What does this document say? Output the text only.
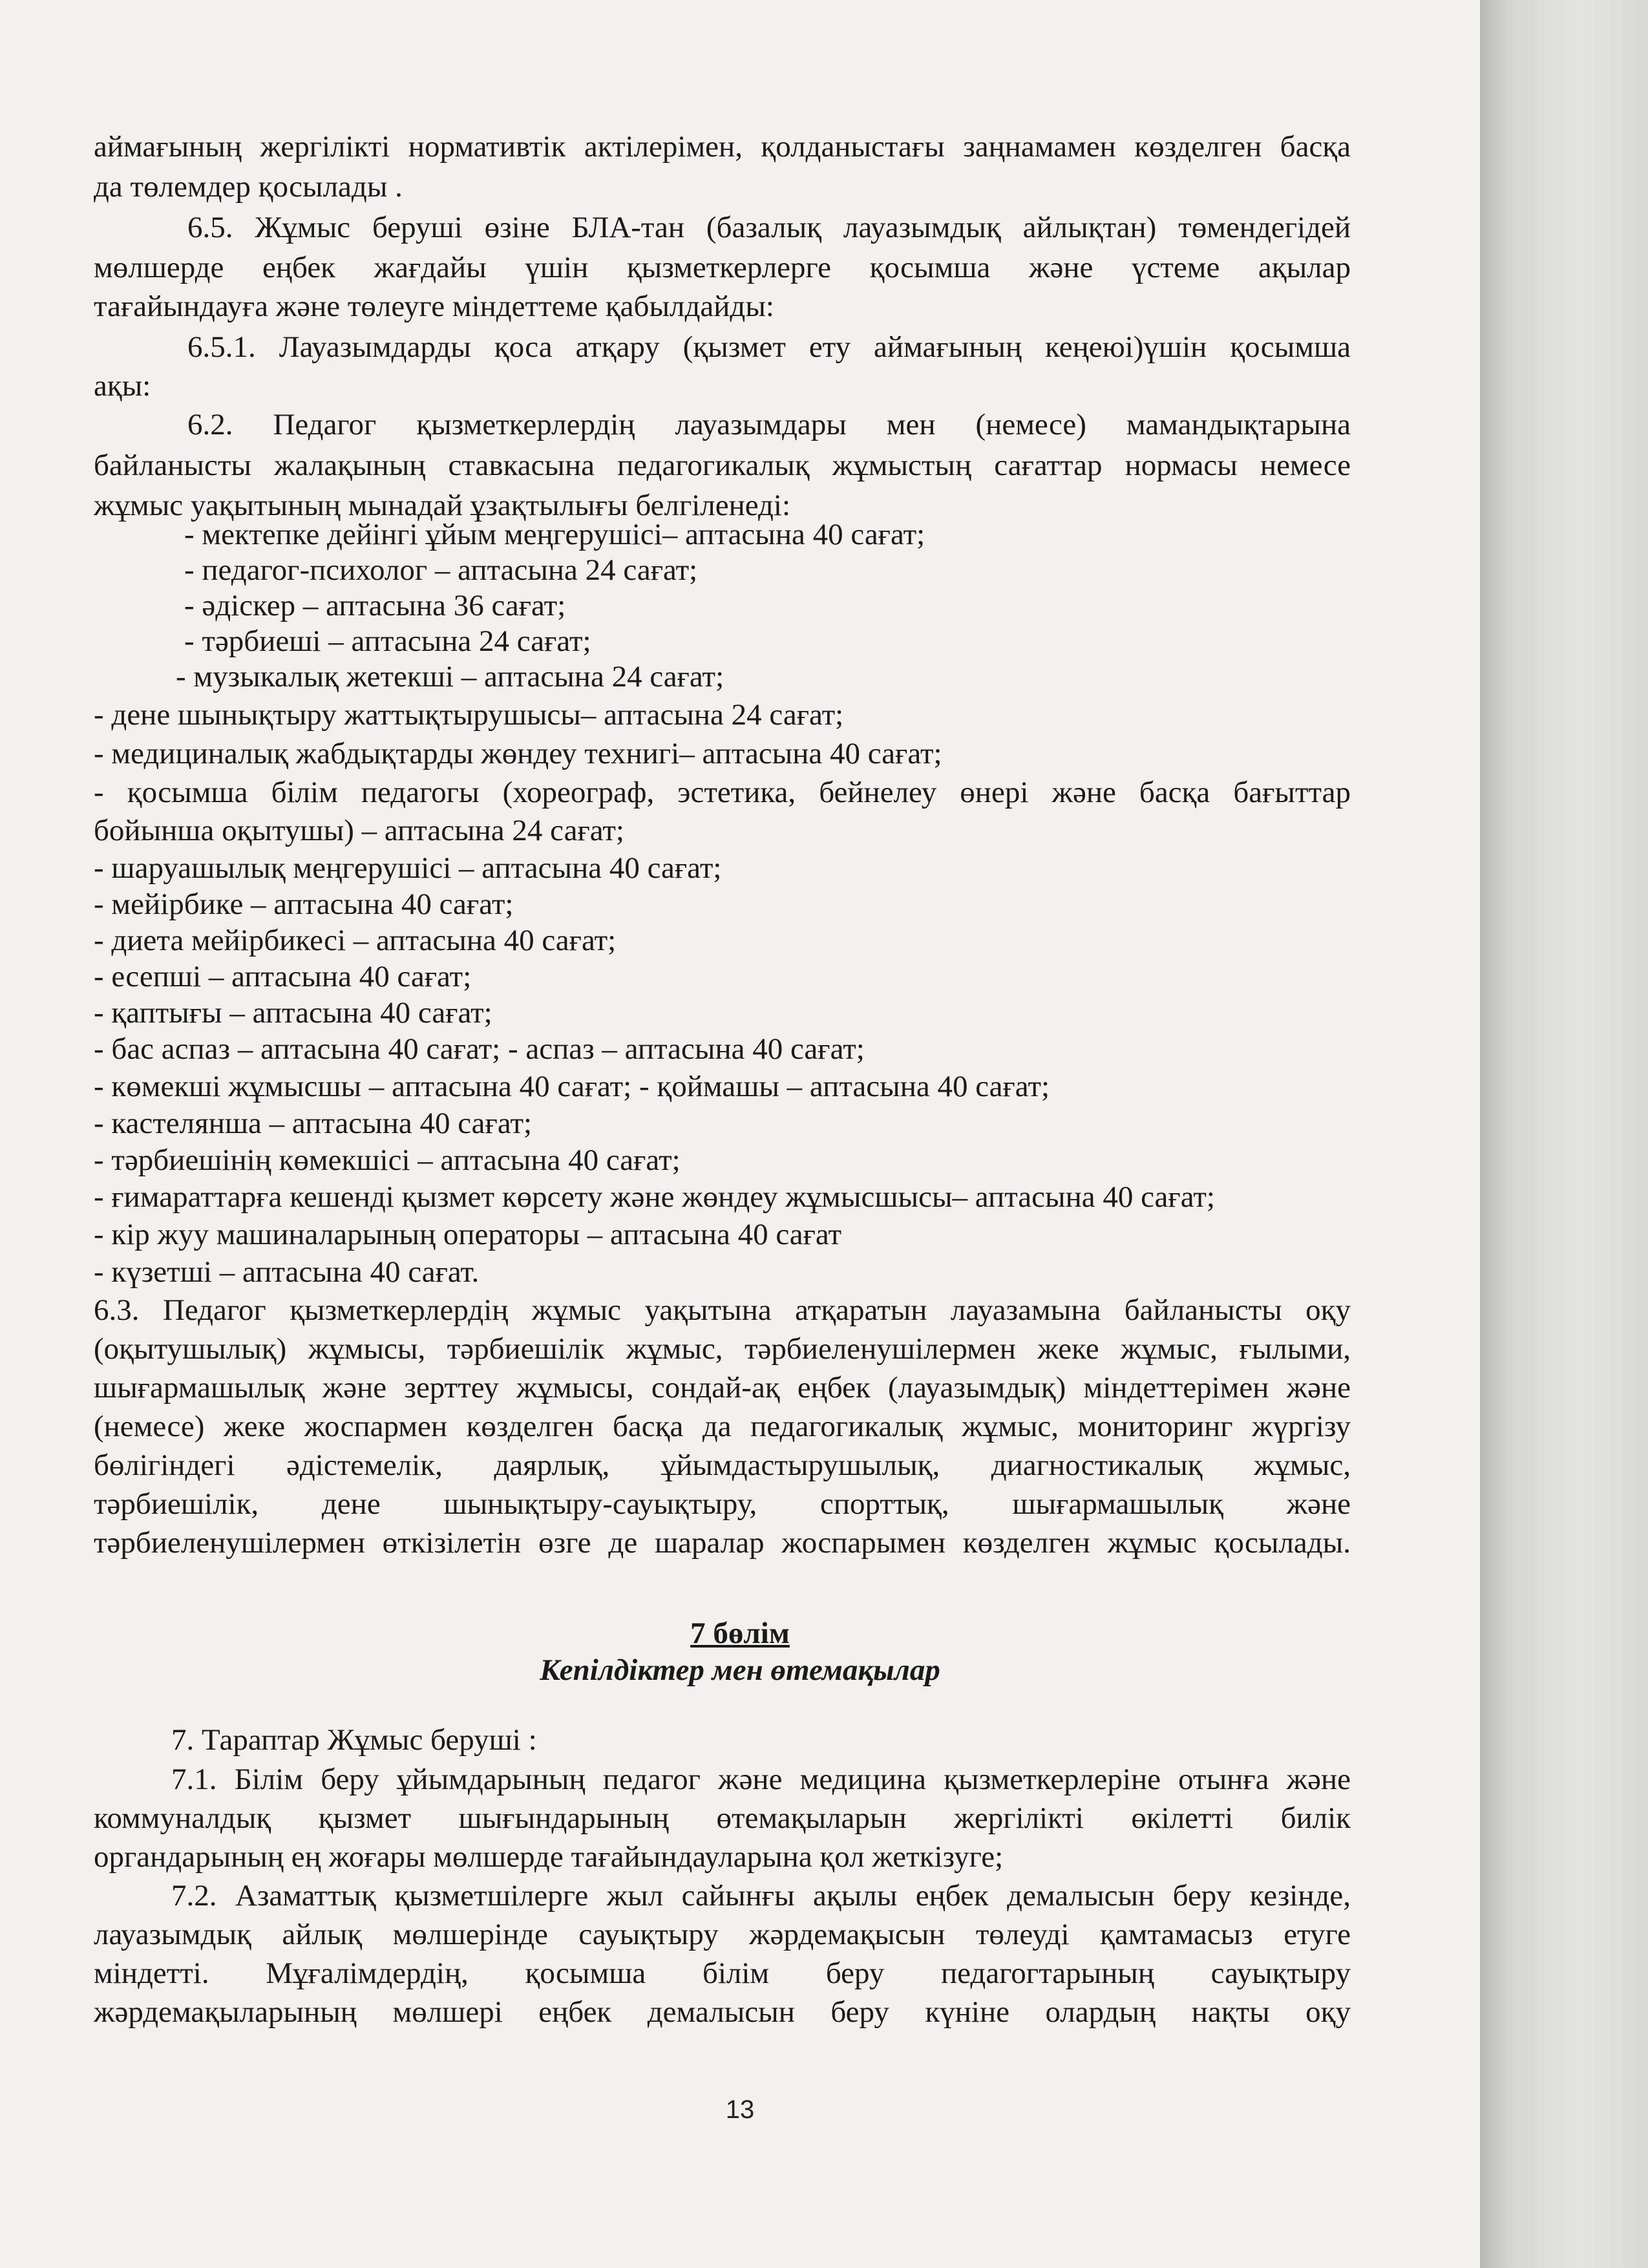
аймағының жергілікті нормативтік актілерімен, қолданыстағы заңнамамен көзделген басқа
да төлемдер қосылады .
6.5. Жұмыс беруші өзіне БЛА-тан (базалық лауазымдық айлықтан) төмендегідей
мөлшерде еңбек жағдайы үшін қызметкерлерге қосымша және үстеме ақылар
тағайындауға және төлеуге міндеттеме қабылдайды:
6.5.1. Лауазымдарды қоса атқару (қызмет ету аймағының кеңеюі)үшін қосымша
ақы:
6.2. Педагог қызметкерлердің лауазымдары мен (немесе) мамандықтарына
байланысты жалақының ставкасына педагогикалық жұмыстың сағаттар нормасы немесе
жұмыс уақытының мынадай ұзақтылығы белгіленеді:
- мектепке дейінгі ұйым меңгерушісі– аптасына 40 сағат;
- педагог-психолог – аптасына 24 сағат;
- әдіскер – аптасына 36 сағат;
- тәрбиеші – аптасына 24 сағат;
- музыкалық жетекші – аптасына 24 сағат;
- дене шынықтыру жаттықтырушысы– аптасына 24 сағат;
- медициналық жабдықтарды жөндеу технигі– аптасына 40 сағат;
- қосымша білім педагогы (хореограф, эстетика, бейнелеу өнері және басқа бағыттар
бойынша оқытушы) – аптасына 24 сағат;
- шаруашылық меңгерушісі – аптасына 40 сағат;
- мейірбике – аптасына 40 сағат;
- диета мейірбикесі – аптасына 40 сағат;
- есепші – аптасына 40 сағат;
- қаптығы – аптасына 40 сағат;
- бас аспаз – аптасына 40 сағат; - аспаз – аптасына 40 сағат;
- көмекші жұмысшы – аптасына 40 сағат; - қоймашы – аптасына 40 сағат;
- кастелянша – аптасына 40 сағат;
- тәрбиешінің көмекшісі – аптасына 40 сағат;
- ғимараттарға кешенді қызмет көрсету және жөндеу жұмысшысы– аптасына 40 сағат;
- кір жуу машиналарының операторы – аптасына 40 сағат
- күзетші – аптасына 40 сағат.
6.3. Педагог қызметкерлердің жұмыс уақытына атқаратын лауазамына байланысты оқу
(оқытушылық) жұмысы, тәрбиешілік жұмыс, тәрбиеленушілермен жеке жұмыс, ғылыми,
шығармашылық және зерттеу жұмысы, сондай-ақ еңбек (лауазымдық) міндеттерімен және
(немесе) жеке жоспармен көзделген басқа да педагогикалық жұмыс, мониторинг жүргізу
бөлігіндегі әдістемелік, даярлық, ұйымдастырушылық, диагностикалық жұмыс,
тәрбиешілік, дене шынықтыру-сауықтыру, спорттық, шығармашылық және
тәрбиеленушілермен өткізілетін өзге де шаралар жоспарымен көзделген жұмыс қосылады.
7 бөлім
Кепілдіктер мен өтемақылар
7. Тараптар Жұмыс беруші :
7.1. Білім беру ұйымдарының педагог және медицина қызметкерлеріне отынға және
коммуналдық қызмет шығындарының өтемақыларын жергілікті өкілетті билік
органдарының ең жоғары мөлшерде тағайындауларына қол жеткізуге;
7.2. Азаматтық қызметшілерге жыл сайынғы ақылы еңбек демалысын беру кезінде,
лауазымдық айлық мөлшерінде сауықтыру жәрдемақысын төлеуді қамтамасыз етуге
міндетті. Мұғалімдердің, қосымша білім беру педагогтарының сауықтыру
жәрдемақыларының мөлшері еңбек демалысын беру күніне олардың нақты оқу
13
